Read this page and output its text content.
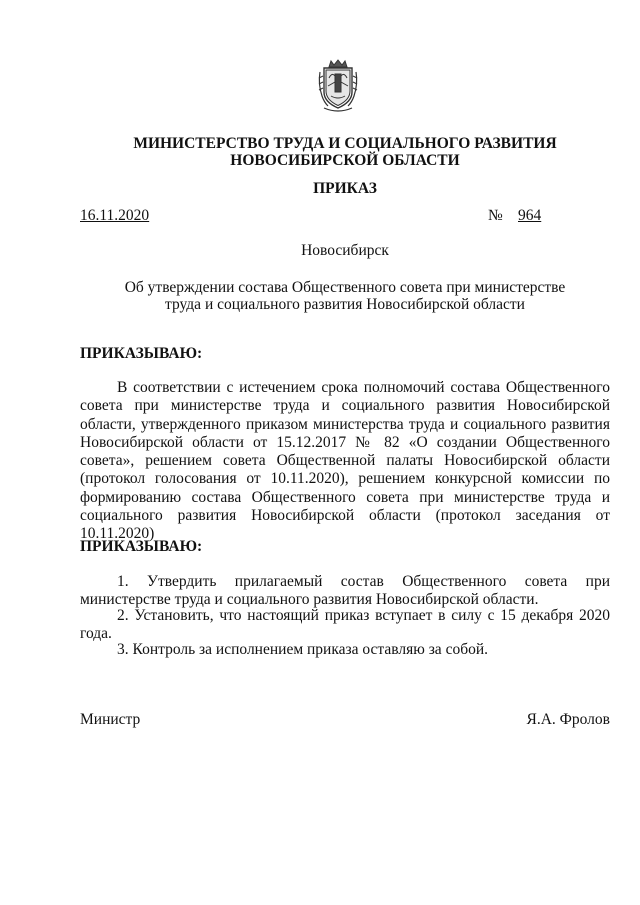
МИНИСТЕРСТВО ТРУДА И СОЦИАЛЬНОГО РАЗВИТИЯ
НОВОСИБИРСКОЙ ОБЛАСТИ
ПРИКАЗ
16.11.2020	№ 964
Новосибирск
Об утверждении состава Общественного совета при министерстве
труда и социального развития Новосибирской области
ПРИКАЗЫВАЮ:
В соответствии с истечением срока полномочий состава Общественного совета при министерстве труда и социального развития Новосибирской области, утвержденного приказом министерства труда и социального развития Новосибирской области от 15.12.2017 № 82 «О создании Общественного совета», решением совета Общественной палаты Новосибирской области (протокол голосования от 10.11.2020), решением конкурсной комиссии по формированию состава Общественного совета при министерстве труда и социального развития Новосибирской области (протокол заседания от 10.11.2020)
ПРИКАЗЫВАЮ:
1. Утвердить прилагаемый состав Общественного совета при министерстве труда и социального развития Новосибирской области.
2. Установить, что настоящий приказ вступает в силу с 15 декабря 2020 года.
3. Контроль за исполнением приказа оставляю за собой.
Министр	Я.А. Фролов
